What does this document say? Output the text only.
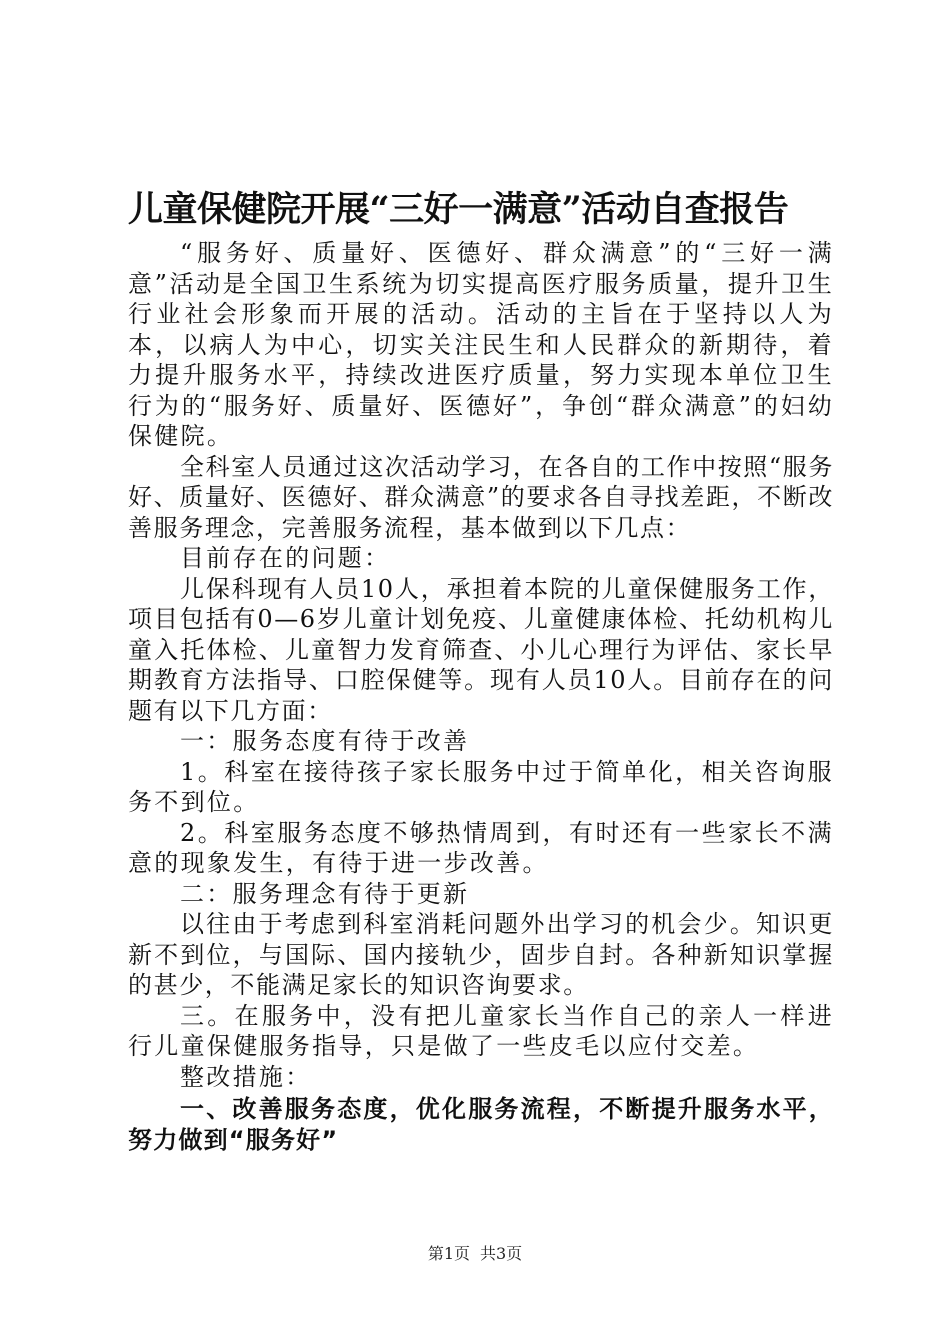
儿童保健院开展“三好一满意”活动自查报告

“服务好、质量好、医德好、群众满意”的“三好一满意”活动是全国卫生系统为切实提高医疗服务质量，提升卫生行业社会形象而开展的活动。活动的主旨在于坚持以人为本，以病人为中心，切实关注民生和人民群众的新期待，着力提升服务水平，持续改进医疗质量，努力实现本单位卫生行为的“服务好、质量好、医德好”，争创“群众满意”的妇幼保健院。

全科室人员通过这次活动学习，在各自的工作中按照“服务好、质量好、医德好、群众满意”的要求各自寻找差距，不断改善服务理念，完善服务流程，基本做到以下几点：

目前存在的问题：

儿保科现有人员10人，承担着本院的儿童保健服务工作，项目包括有0—6岁儿童计划免疫、儿童健康体检、托幼机构儿童入托体检、儿童智力发育筛查、小儿心理行为评估、家长早期教育方法指导、口腔保健等。现有人员10人。目前存在的问题有以下几方面：

一：服务态度有待于改善

1。科室在接待孩子家长服务中过于简单化，相关咨询服务不到位。

2。科室服务态度不够热情周到，有时还有一些家长不满意的现象发生，有待于进一步改善。

二：服务理念有待于更新

以往由于考虑到科室消耗问题外出学习的机会少。知识更新不到位，与国际、国内接轨少，固步自封。各种新知识掌握的甚少，不能满足家长的知识咨询要求。

三。在服务中，没有把儿童家长当作自己的亲人一样进行儿童保健服务指导，只是做了一些皮毛以应付交差。

整改措施：

一、改善服务态度，优化服务流程，不断提升服务水平，努力做到“服务好”

第1页 共3页
